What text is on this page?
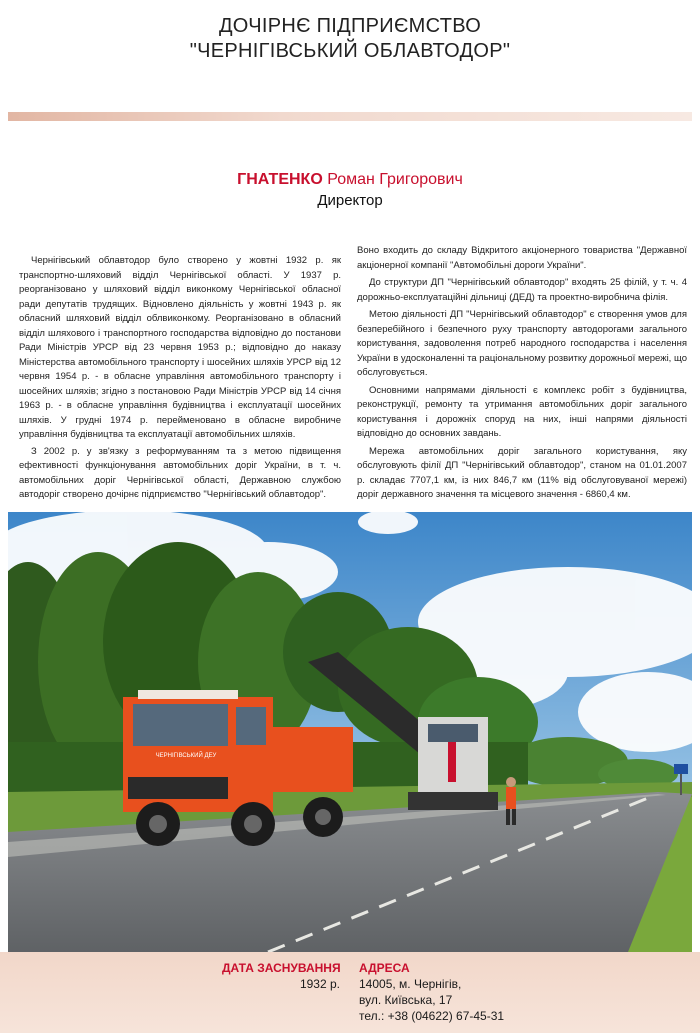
ДОЧІРНЄ ПІДПРИЄМСТВО
"ЧЕРНІГІВСЬКИЙ ОБЛАВТОДОР"
ГНАТЕНКО Роман Григорович
Директор

Чернігівський облавтодор було створено у жовтні 1932 р. як транспортно-шляховий відділ Чернігівської області. У 1937 р. реорганізовано у шляховий відділ виконкому Чернігівської обласної ради депутатів трудящих. Відновлено діяльність у жовтні 1943 р. як обласний шляховий відділ облвиконкому. Реорганізовано в обласний відділ шляхового і транспортного господарства відповідно до постанови Ради Міністрів УРСР від 23 червня 1953 р.; відповідно до наказу Міністерства автомобільного транспорту і шосейних шляхів УРСР від 12 червня 1954 р. - в обласне управління автомобільного транспорту і шосейних шляхів; згідно з постановою Ради Міністрів УРСР від 14 січня 1963 р. - в обласне управління будівництва і експлуатації шосейних шляхів. У грудні 1974 р. перейменовано в обласне виробниче управління будівництва та експлуатації автомобільних шляхів.

З 2002 р. у зв'язку з реформуванням та з метою підвищення ефективності функціонування автомобільних доріг України, в т. ч. автомобільних доріг Чернігівської області, Державною службою автодоріг створено дочірнє підприємство "Чернігівський облавтодор".

Воно входить до складу Відкритого акціонерного товариства "Державної акціонерної компанії "Автомобільні дороги України".

До структури ДП "Чернігівський облавтодор" входять 25 філій, у т. ч. 4 дорожньо-експлуатаційні дільниці (ДЕД) та проектно-виробнича філія.

Метою діяльності ДП "Чернігівський облавтодор" є створення умов для безперебійного і безпечного руху транспорту автодорогами загального користування, задоволення потреб народного господарства і населення України в удосконаленні та раціональному розвитку дорожньої мережі, що обслуговується.

Основними напрямами діяльності є комплекс робіт з будівництва, реконструкції, ремонту та утримання автомобільних доріг загального користування і дорожніх споруд на них, інші напрями діяльності відповідно до основних завдань.

Мережа автомобільних доріг загального користування, яку обслуговують філії ДП "Чернігівський облавтодор", станом на 01.01.2007 р. складає 7707,1 км, із них 846,7 км (11% від обслуговуваної мережі) доріг державного значення та місцевого значення - 6860,4 км.

ЧЕРНІГІВСЬКИЙ ДЕУ
ДАТА ЗАСНУВАННЯ
1932 р.
АДРЕСА
14005, м. Чернігів,
вул. Київська, 17
тел.: +38 (04622) 67-45-31
